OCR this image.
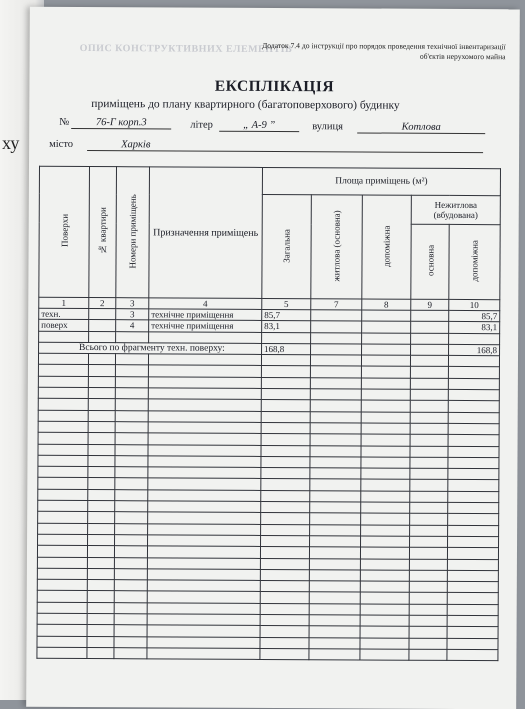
ху
ОПИС КОНСТРУКТИВНИХ ЕЛЕМЕНТІВ
Додаток 7.4 до інструкції про порядок проведення технічної інвентаризації об'єктів нерухомого майна
ЕКСПЛІКАЦІЯ
приміщень до плану квартирного (багатоповерхового) будинку
№	76-Г корп.3	літер	„ А-9 ”	вулиця	Котлова
місто	Харків
Поверхи	№ квартири	Номери приміщень	Призначення приміщень	Площа приміщень (м²)				
				Загальна	житлова (основна)	допоміжна	Нежитлова (вбудована)	
							основна	допоміжна
1	2	3	4	5	7	8	9	10
техн.		3	технічне приміщення	85,7				85,7
поверх		4	технічне приміщення	83,1				83,1

Всього по фрагменту техн. поверху:				168,8				168,8
